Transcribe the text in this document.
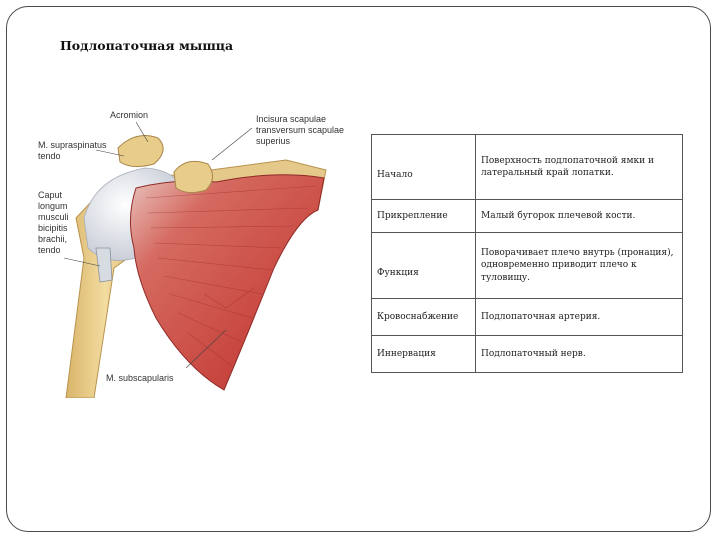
Подлопаточная мышца
Acromion
M. supraspinatus
tendo
Incisura scapulae
transversum scapulae
superius
Caput
longum
musculi
bicipitis
brachii,
tendo
M. subscapularis
Начало	Поверхность подлопаточной ямки и латеральный край лопатки.
Прикрепление	Малый бугорок плечевой кости.
Функция	Поворачивает плечо внутрь (пронация), одновременно приводит плечо к туловищу.
Кровоснабжение	Подлопаточная артерия.
Иннервация	Подлопаточный нерв.
